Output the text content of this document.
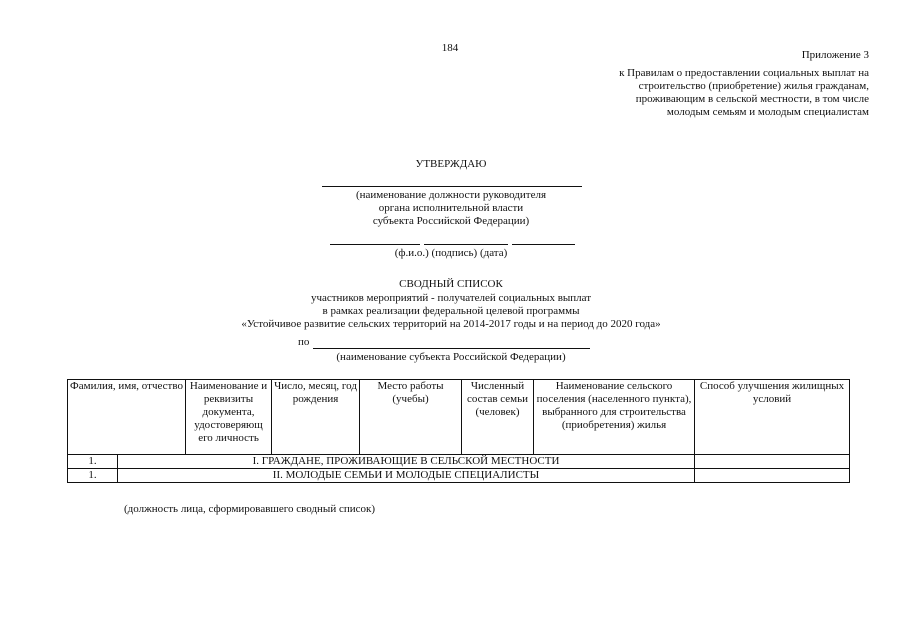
184
Приложение 3
к Правилам о предоставлении социальных выплат на
строительство (приобретение) жилья гражданам,
проживающим в сельской местности, в том числе
молодым семьям и молодым специалистам
УТВЕРЖДАЮ
(наименование должности руководителя
органа исполнительной власти
субъекта Российской Федерации)
(ф.и.о.) (подпись) (дата)
СВОДНЫЙ СПИСОК
участников мероприятий - получателей социальных выплат
в рамках реализации федеральной целевой программы
«Устойчивое развитие сельских территорий на 2014-2017 годы и на период до 2020 года»
по
(наименование субъекта Российской Федерации)
Фамилия, имя, отчество		Наименование и реквизиты документа, удостоверяющ его личность	Число, месяц, год рождения	Место работы (учебы)	Численный состав семьи (человек)	Наименование сельского поселения (населенного пункта), выбранного для строительства (приобретения) жилья	Способ улучшения жилищных условий
1.	I. ГРАЖДАНЕ, ПРОЖИВАЮЩИЕ В СЕЛЬСКОЙ МЕСТНОСТИ						
1.	II. МОЛОДЫЕ СЕМЬИ И МОЛОДЫЕ СПЕЦИАЛИСТЫ						
(должность лица, сформировавшего сводный список)
